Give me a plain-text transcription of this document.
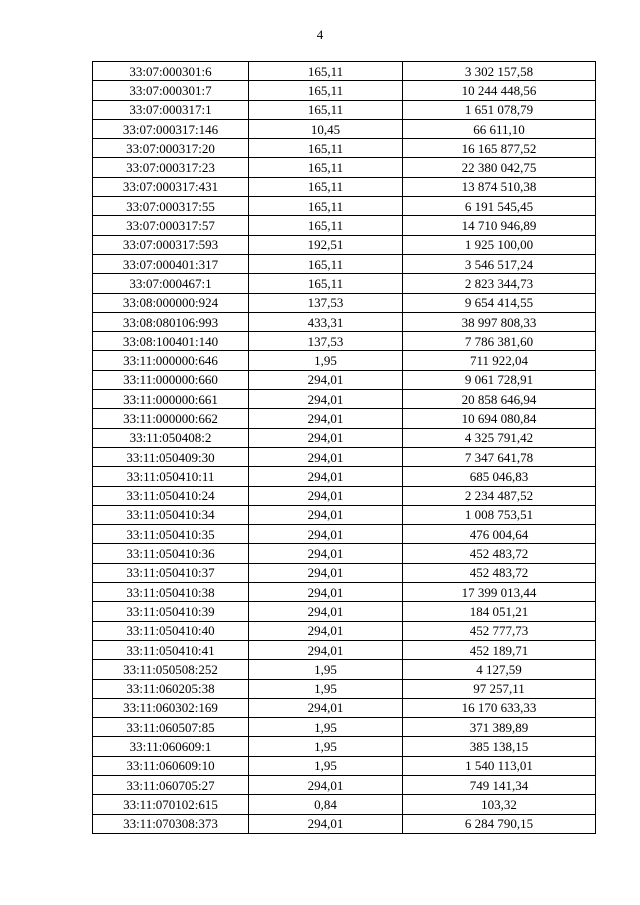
4
33:07:000301:6	165,11	3 302 157,58
33:07:000301:7	165,11	10 244 448,56
33:07:000317:1	165,11	1 651 078,79
33:07:000317:146	10,45	66 611,10
33:07:000317:20	165,11	16 165 877,52
33:07:000317:23	165,11	22 380 042,75
33:07:000317:431	165,11	13 874 510,38
33:07:000317:55	165,11	6 191 545,45
33:07:000317:57	165,11	14 710 946,89
33:07:000317:593	192,51	1 925 100,00
33:07:000401:317	165,11	3 546 517,24
33:07:000467:1	165,11	2 823 344,73
33:08:000000:924	137,53	9 654 414,55
33:08:080106:993	433,31	38 997 808,33
33:08:100401:140	137,53	7 786 381,60
33:11:000000:646	1,95	711 922,04
33:11:000000:660	294,01	9 061 728,91
33:11:000000:661	294,01	20 858 646,94
33:11:000000:662	294,01	10 694 080,84
33:11:050408:2	294,01	4 325 791,42
33:11:050409:30	294,01	7 347 641,78
33:11:050410:11	294,01	685 046,83
33:11:050410:24	294,01	2 234 487,52
33:11:050410:34	294,01	1 008 753,51
33:11:050410:35	294,01	476 004,64
33:11:050410:36	294,01	452 483,72
33:11:050410:37	294,01	452 483,72
33:11:050410:38	294,01	17 399 013,44
33:11:050410:39	294,01	184 051,21
33:11:050410:40	294,01	452 777,73
33:11:050410:41	294,01	452 189,71
33:11:050508:252	1,95	4 127,59
33:11:060205:38	1,95	97 257,11
33:11:060302:169	294,01	16 170 633,33
33:11:060507:85	1,95	371 389,89
33:11:060609:1	1,95	385 138,15
33:11:060609:10	1,95	1 540 113,01
33:11:060705:27	294,01	749 141,34
33:11:070102:615	0,84	103,32
33:11:070308:373	294,01	6 284 790,15
